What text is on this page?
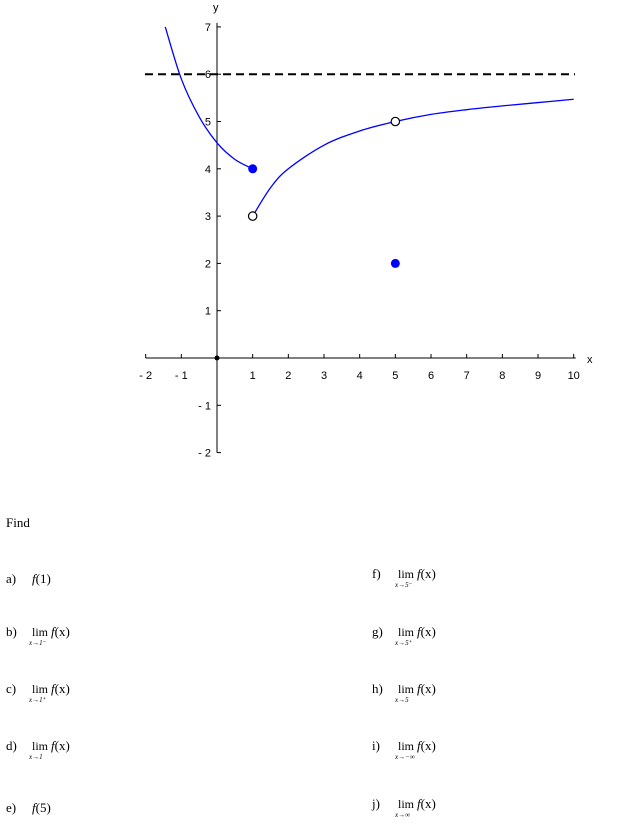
x
y
- 2 - 1	1	2	3	4	5	6	7	8	9 10
7
6
5
4
3
2
1
- 1
- 2
Find
a) f(1)
b) lim
x→1⁻
f(x)
c) lim
x→1⁺
f(x)
d) lim
x→1
f(x)
e) f(5)
f) lim
x→5⁻
f(x)
g) lim
x→5⁺
f(x)
h) lim
x→5
f(x)
i) lim
x→−∞
f(x)
j) lim
x→∞
f(x)
